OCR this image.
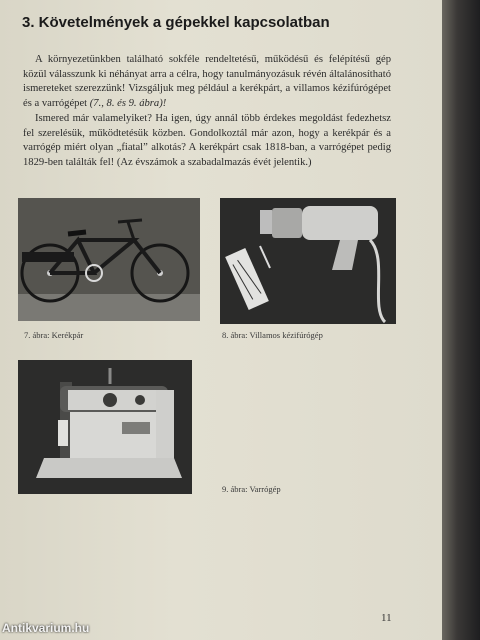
3. Követelmények a gépekkel kapcsolatban

A környezetünkben található sokféle rendeltetésű, működésű és felépítésű gép közül válasszunk ki néhányat arra a célra, hogy tanulmányozásuk révén általánosítható ismereteket szerezzünk! Vizsgáljuk meg például a kerékpárt, a villamos kézifúrógépet és a varrógépet (7., 8. és 9. ábra)!

Ismered már valamelyiket? Ha igen, úgy annál több érdekes megoldást fedezhetsz fel szerelésük, működtetésük közben. Gondolkoztál már azon, hogy a kerékpár és a varrógép miért olyan „fiatal” alkotás? A kerékpárt csak 1818-ban, a varrógépet pedig 1829-ben találták fel! (Az évszámok a szabadalmazás évét jelentik.)

7. ábra: Kerékpár	8. ábra: Villamos kézifúrógép

9. ábra: Varrógép

11
Antikvarium.hu
